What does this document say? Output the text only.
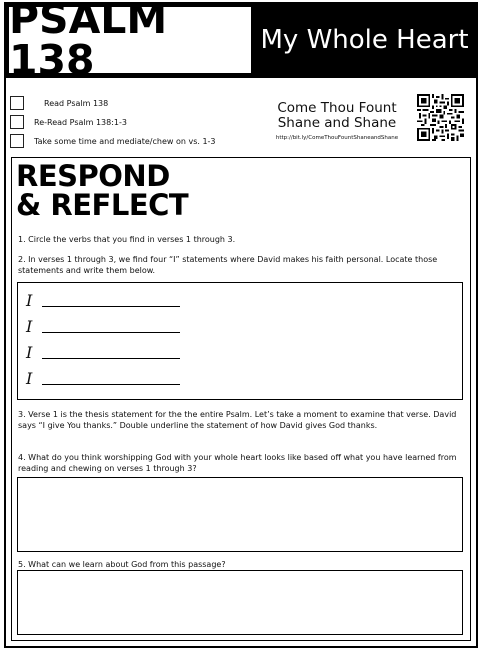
PSALM 138	My Whole Heart
Read Psalm 138
Re-Read Psalm 138:1-3
Take some time and mediate/chew on vs. 1-3
Come Thou Fount
Shane and Shane
http://bit.ly/ComeThouFountShaneandShane
RESPOND
& REFLECT
1. Circle the verbs that you find in verses 1 through 3.
2. In verses 1 through 3, we find four “I” statements where David makes his faith personal. Locate those statements and write them below.
I
I
I
I
3. Verse 1 is the thesis statement for the the entire Psalm. Let’s take a moment to examine that verse. David says “I give You thanks.” Double underline the statement of how David gives God thanks.
4. What do you think worshipping God with your whole heart looks like based off what you have learned from reading and chewing on verses 1 through 3?
5. What can we learn about God from this passage?
